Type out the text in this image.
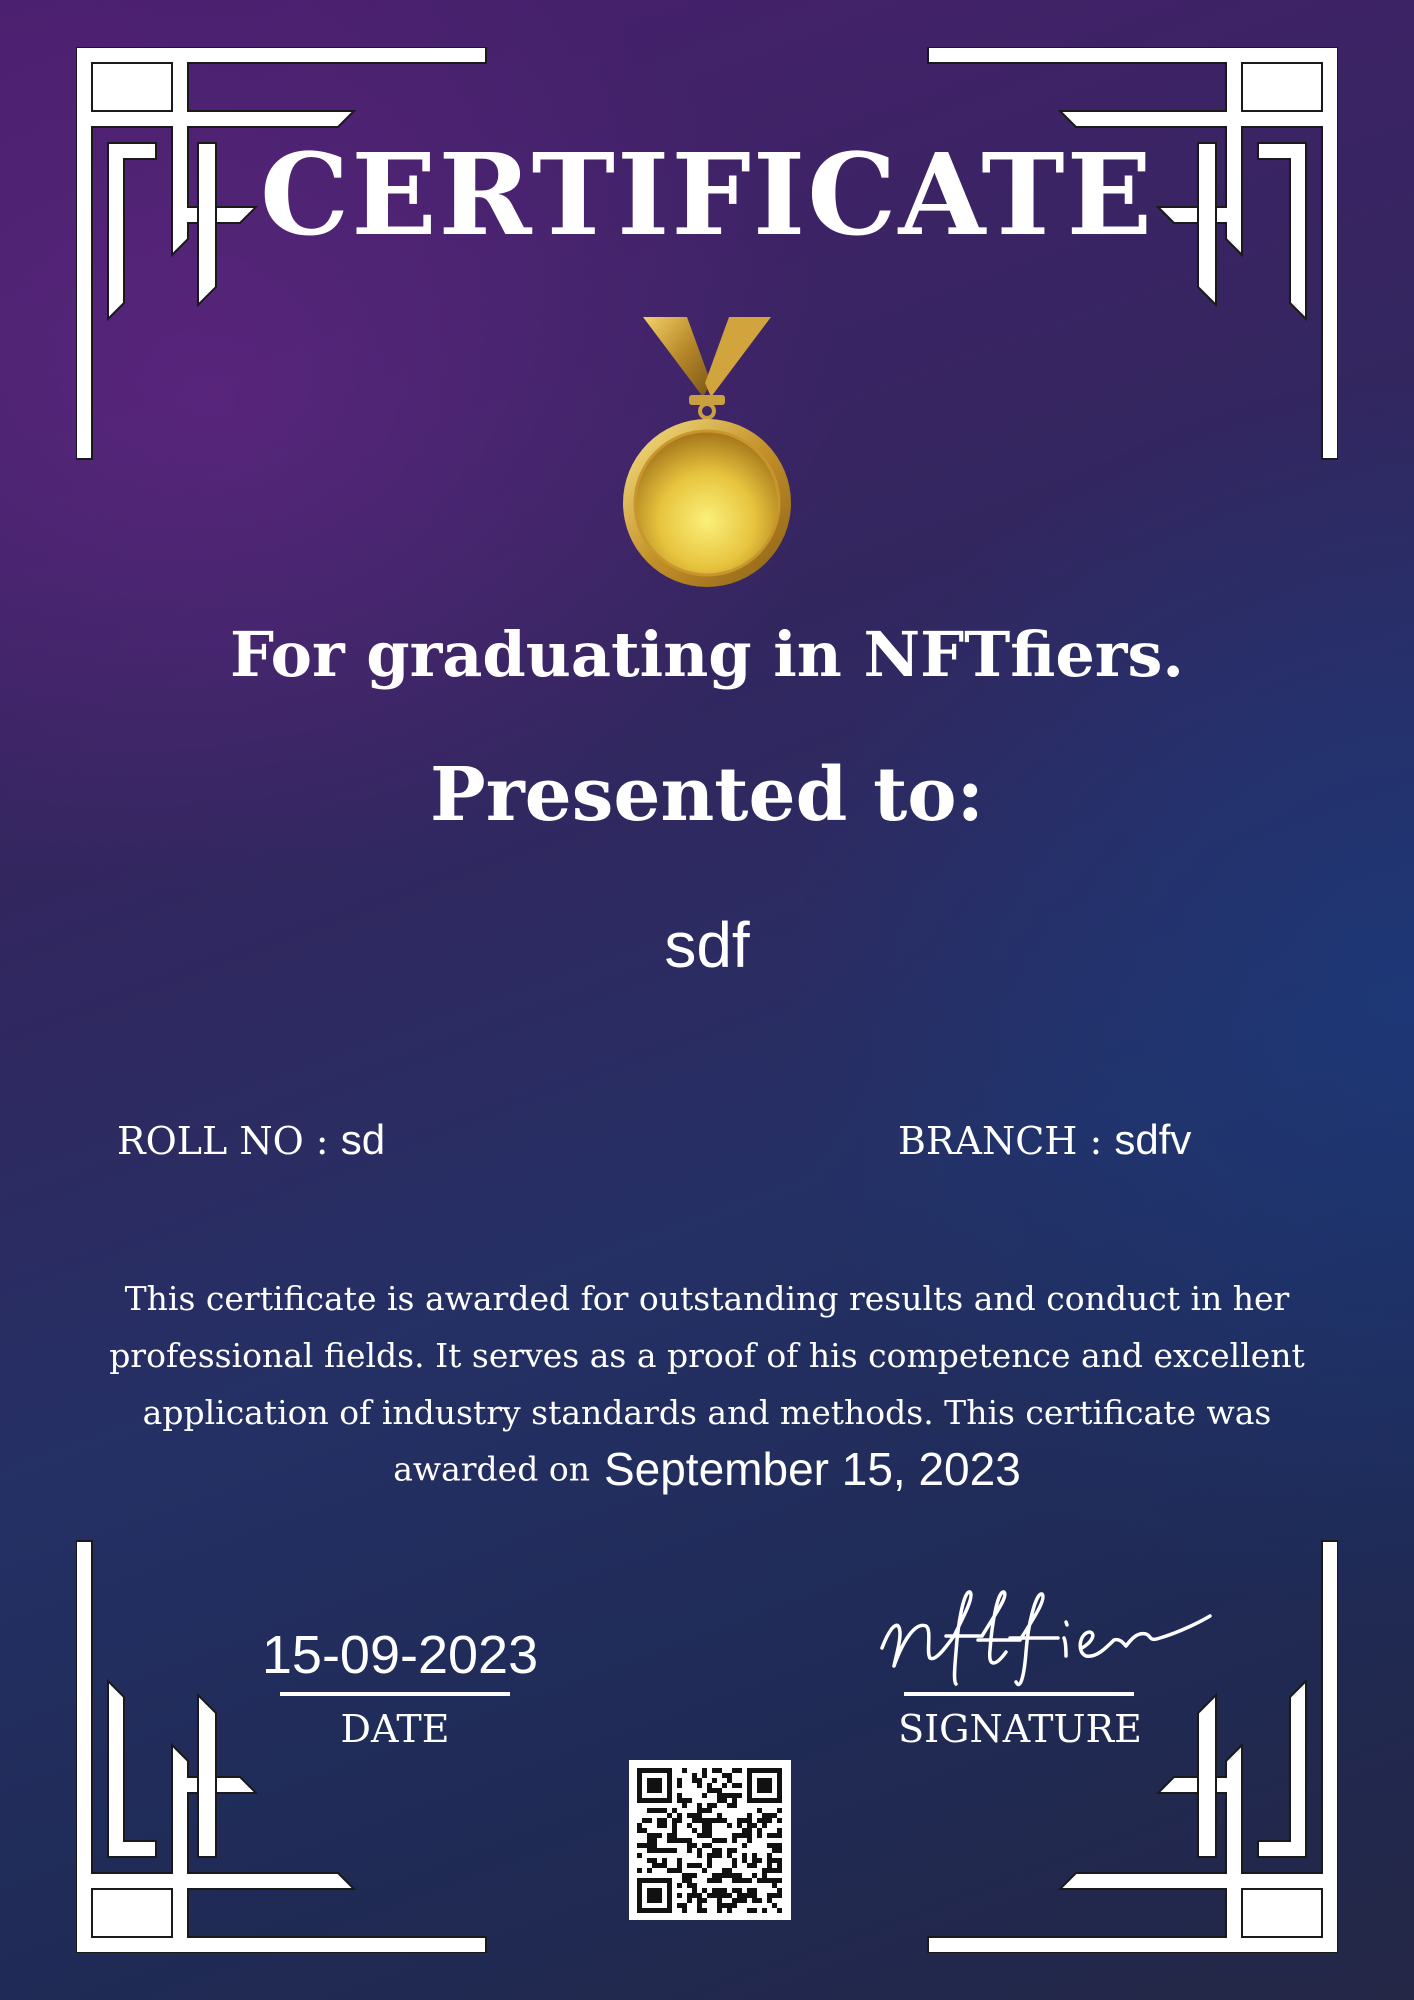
CERTIFICATE
For graduating in NFTfiers.
Presented to:
sdf
ROLL NO : sd	BRANCH : sdfv
This certificate is awarded for outstanding results and conduct in her professional fields. It serves as a proof of his competence and excellent application of industry standards and methods. This certificate was
awarded on September 15, 2023
15-09-2023
DATE	SIGNATURE
